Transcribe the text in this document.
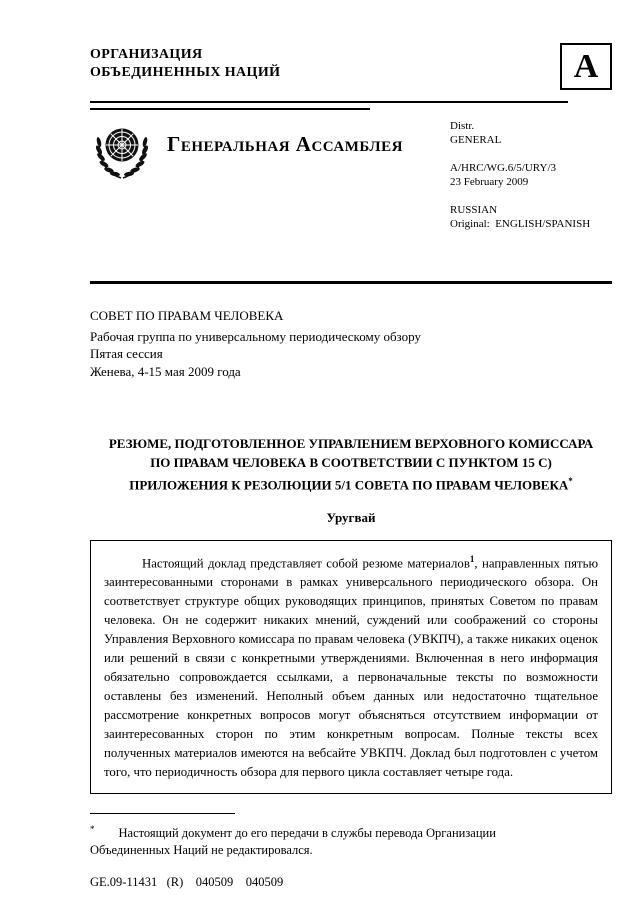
ОРГАНИЗАЦИЯ
ОБЪЕДИНЕННЫХ НАЦИЙ	A
Генеральная Ассамблея
Distr.
GENERAL
A/HRC/WG.6/5/URY/3
23 February 2009
RUSSIAN
Original:  ENGLISH/SPANISH
СОВЕТ ПО ПРАВАМ ЧЕЛОВЕКА
Рабочая группа по универсальному периодическому обзору
Пятая сессия
Женева, 4-15 мая 2009 года
РЕЗЮМЕ, ПОДГОТОВЛЕННОЕ УПРАВЛЕНИЕМ ВЕРХОВНОГО КОМИССАРА
ПО ПРАВАМ ЧЕЛОВЕКА В СООТВЕТСТВИИ С ПУНКТОМ 15 С)
ПРИЛОЖЕНИЯ К РЕЗОЛЮЦИИ 5/1 СОВЕТА ПО ПРАВАМ ЧЕЛОВЕКА*
Уругвай

Настоящий доклад представляет собой резюме материалов$^1$, направленных пятью заинтересованными сторонами в рамках универсального периодического обзора. Он соответствует структуре общих руководящих принципов, принятых Советом по правам человека. Он не содержит никаких мнений, суждений или соображений со стороны Управления Верховного комиссара по правам человека (УВКПЧ), а также никаких оценок или решений в связи с конкретными утверждениями. Включенная в него информация обязательно сопровождается ссылками, а первоначальные тексты по возможности оставлены без изменений. Неполный объем данных или недостаточно тщательное рассмотрение конкретных вопросов могут объясняться отсутствием информации от заинтересованных сторон по этим конкретным вопросам. Полные тексты всех полученных материалов имеются на вебсайте УВКПЧ. Доклад был подготовлен с учетом того, что периодичность обзора для первого цикла составляет четыре года.

* Настоящий документ до его передачи в службы перевода Организации Объединенных Наций не редактировался.

GE.09-11431   (R)    040509    040509
